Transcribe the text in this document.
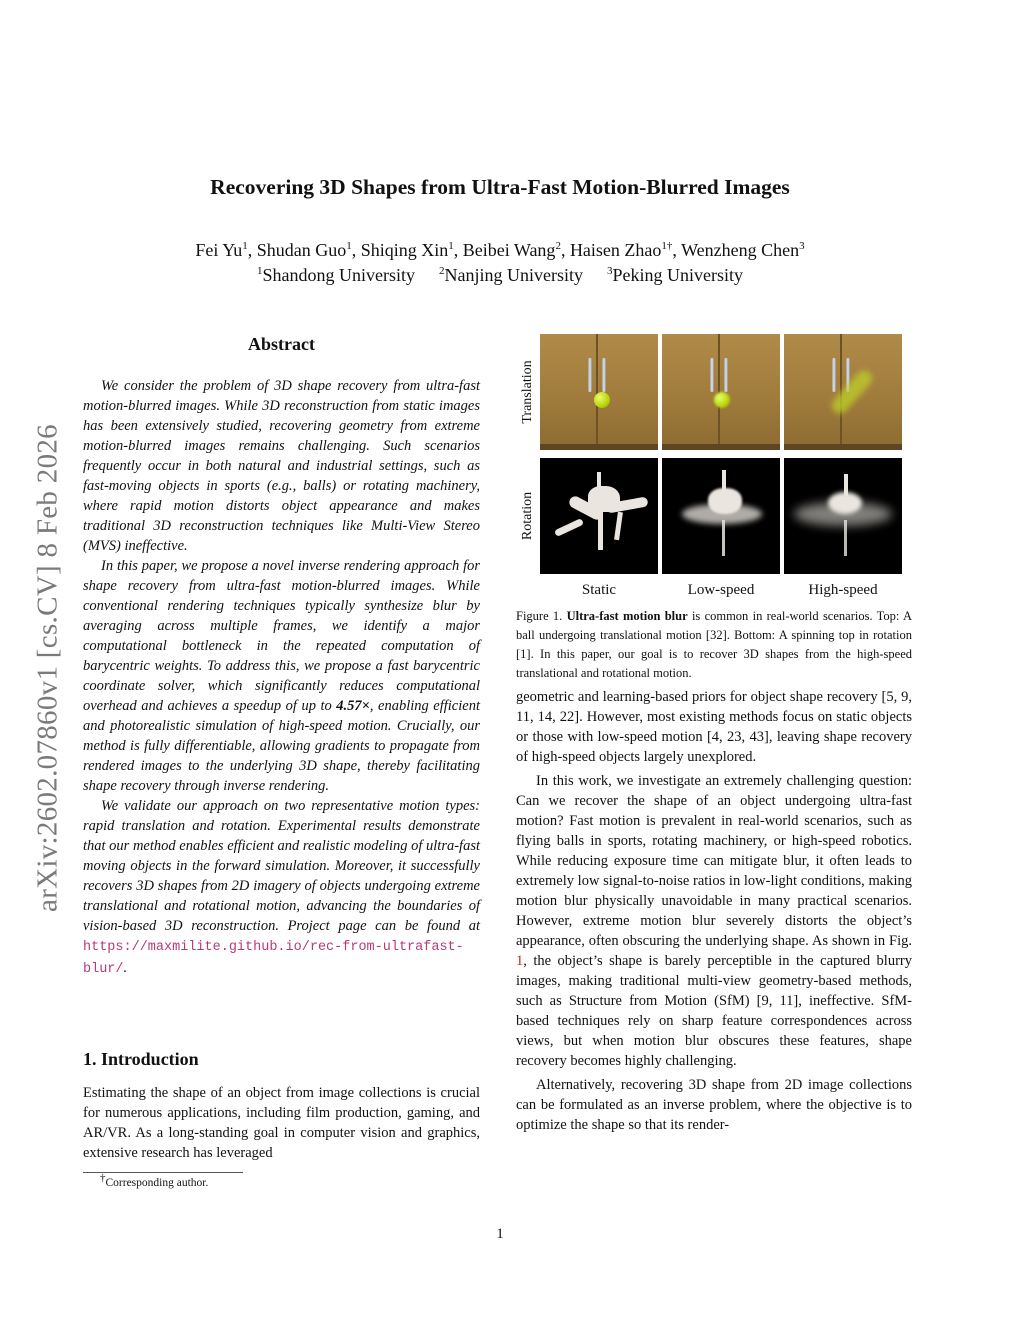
arXiv:2602.07860v1 [cs.CV] 8 Feb 2026
Recovering 3D Shapes from Ultra-Fast Motion-Blurred Images
Fei Yu$^1$, Shudan Guo$^1$, Shiqing Xin$^1$, Beibei Wang$^2$, Haisen Zhao$^{1\dagger}$, Wenzheng Chen$^3$
$^1$Shandong University $^2$Nanjing University $^3$Peking University
Abstract

We consider the problem of 3D shape recovery from ultra-fast motion-blurred images. While 3D reconstruction from static images has been extensively studied, recovering geometry from extreme motion-blurred images remains challenging. Such scenarios frequently occur in both natural and industrial settings, such as fast-moving objects in sports (e.g., balls) or rotating machinery, where rapid motion distorts object appearance and makes traditional 3D reconstruction techniques like Multi-View Stereo (MVS) ineffective.

In this paper, we propose a novel inverse rendering approach for shape recovery from ultra-fast motion-blurred images. While conventional rendering techniques typically synthesize blur by averaging across multiple frames, we identify a major computational bottleneck in the repeated computation of barycentric weights. To address this, we propose a fast barycentric coordinate solver, which significantly reduces computational overhead and achieves a speedup of up to 4.57×, enabling efficient and photorealistic simulation of high-speed motion. Crucially, our method is fully differentiable, allowing gradients to propagate from rendered images to the underlying 3D shape, thereby facilitating shape recovery through inverse rendering.

We validate our approach on two representative motion types: rapid translation and rotation. Experimental results demonstrate that our method enables efficient and realistic modeling of ultra-fast moving objects in the forward simulation. Moreover, it successfully recovers 3D shapes from 2D imagery of objects undergoing extreme translational and rotational motion, advancing the boundaries of vision-based 3D reconstruction. Project page can be found at https://maxmilite.github.io/rec-from-ultrafast-blur/.

1. Introduction

Estimating the shape of an object from image collections is crucial for numerous applications, including film production, gaming, and AR/VR. As a long-standing goal in computer vision and graphics, extensive research has leveraged

†Corresponding author.
Translation
Rotation
Static	Low-speed	High-speed

Figure 1. Ultra-fast motion blur is common in real-world scenarios. Top: A ball undergoing translational motion [32]. Bottom: A spinning top in rotation [1]. In this paper, our goal is to recover 3D shapes from the high-speed translational and rotational motion.

geometric and learning-based priors for object shape recovery [5, 9, 11, 14, 22]. However, most existing methods focus on static objects or those with low-speed motion [4, 23, 43], leaving shape recovery of high-speed objects largely unexplored.

In this work, we investigate an extremely challenging question: Can we recover the shape of an object undergoing ultra-fast motion? Fast motion is prevalent in real-world scenarios, such as flying balls in sports, rotating machinery, or high-speed robotics. While reducing exposure time can mitigate blur, it often leads to extremely low signal-to-noise ratios in low-light conditions, making motion blur physically unavoidable in many practical scenarios. However, extreme motion blur severely distorts the object’s appearance, often obscuring the underlying shape. As shown in Fig. 1, the object’s shape is barely perceptible in the captured blurry images, making traditional multi-view geometry-based methods, such as Structure from Motion (SfM) [9, 11], ineffective. SfM-based techniques rely on sharp feature correspondences across views, but when motion blur obscures these features, shape recovery becomes highly challenging.

Alternatively, recovering 3D shape from 2D image collections can be formulated as an inverse problem, where the objective is to optimize the shape so that its render-

1
